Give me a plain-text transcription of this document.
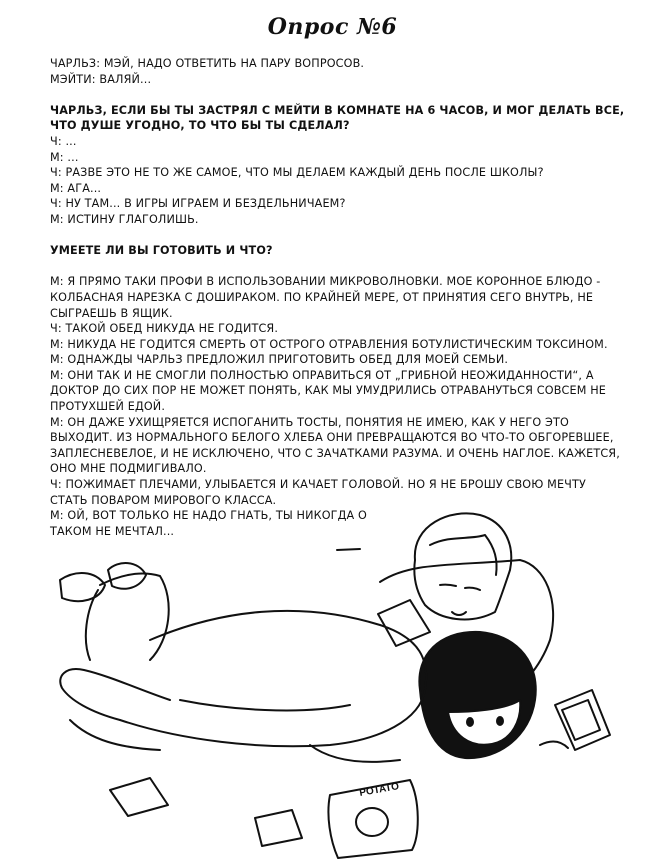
Опрос №6

ЧАРЛЬЗ: МЭЙ, НАДО ОТВЕТИТЬ НА ПАРУ ВОПРОСОВ.

МЭЙТИ: ВАЛЯЙ...

ЧАРЛЬЗ, ЕСЛИ БЫ ТЫ ЗАСТРЯЛ С МЕЙТИ В КОМНАТЕ НА 6 ЧАСОВ, И МОГ ДЕЛАТЬ ВСЕ,

ЧТО ДУШЕ УГОДНО, ТО ЧТО БЫ ТЫ СДЕЛАЛ?

Ч: ...

М: ...

Ч: РАЗВЕ ЭТО НЕ ТО ЖЕ САМОЕ, ЧТО МЫ ДЕЛАЕМ КАЖДЫЙ ДЕНЬ ПОСЛЕ ШКОЛЫ?

М: АГА...

Ч: НУ ТАМ... В ИГРЫ ИГРАЕМ И БЕЗДЕЛЬНИЧАЕМ?

М: ИСТИНУ ГЛАГОЛИШЬ.

УМЕЕТЕ ЛИ ВЫ ГОТОВИТЬ И ЧТО?

М: Я ПРЯМО ТАКИ ПРОФИ В ИСПОЛЬЗОВАНИИ МИКРОВОЛНОВКИ. МОЕ КОРОННОЕ БЛЮДО -

КОЛБАСНАЯ НАРЕЗКА С ДОШИРАКОМ. ПО КРАЙНЕЙ МЕРЕ, ОТ ПРИНЯТИЯ СЕГО ВНУТРЬ, НЕ

СЫГРАЕШЬ В ЯЩИК.

Ч: ТАКОЙ ОБЕД НИКУДА НЕ ГОДИТСЯ.

М: НИКУДА НЕ ГОДИТСЯ СМЕРТЬ ОТ ОСТРОГО ОТРАВЛЕНИЯ БОТУЛИСТИЧЕСКИМ ТОКСИНОМ.

М: ОДНАЖДЫ ЧАРЛЬЗ ПРЕДЛОЖИЛ ПРИГОТОВИТЬ ОБЕД ДЛЯ МОЕЙ СЕМЬИ.

М: ОНИ ТАК И НЕ СМОГЛИ ПОЛНОСТЬЮ ОПРАВИТЬСЯ ОТ „ГРИБНОЙ НЕОЖИДАННОСТИ“, А

ДОКТОР ДО СИХ ПОР НЕ МОЖЕТ ПОНЯТЬ, КАК МЫ УМУДРИЛИСЬ ОТРАВАНУТЬСЯ СОВСЕМ НЕ

ПРОТУХШЕЙ ЕДОЙ.

М: ОН ДАЖЕ УХИЩРЯЕТСЯ ИСПОГАНИТЬ ТОСТЫ, ПОНЯТИЯ НЕ ИМЕЮ, КАК У НЕГО ЭТО

ВЫХОДИТ. ИЗ НОРМАЛЬНОГО БЕЛОГО ХЛЕБА ОНИ ПРЕВРАЩАЮТСЯ ВО ЧТО-ТО ОБГОРЕВШЕЕ,

ЗАПЛЕСНЕВЕЛОЕ, И НЕ ИСКЛЮЧЕНО, ЧТО С ЗАЧАТКАМИ РАЗУМА. И ОЧЕНЬ НАГЛОЕ. КАЖЕТСЯ,

ОНО МНЕ ПОДМИГИВАЛО.

Ч: ПОЖИМАЕТ ПЛЕЧАМИ, УЛЫБАЕТСЯ И КАЧАЕТ ГОЛОВОЙ. НО Я НЕ БРОШУ СВОЮ МЕЧТУ

СТАТЬ ПОВАРОМ МИРОВОГО КЛАССА.

М: ОЙ, ВОТ ТОЛЬКО НЕ НАДО ГНАТЬ, ТЫ НИКОГДА О

ТАКОМ НЕ МЕЧТАЛ...

POTATO
